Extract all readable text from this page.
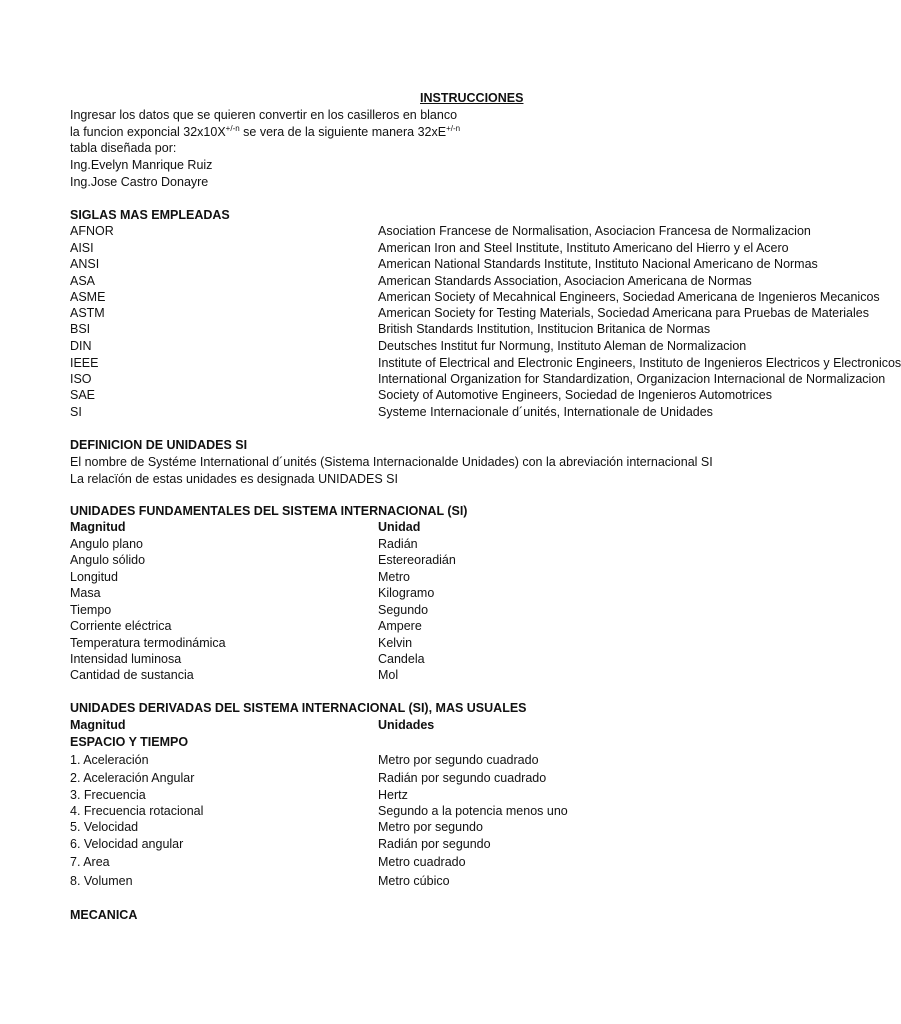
INSTRUCCIONES
Ingresar los datos que se quieren convertir en los casilleros en blanco
la funcion exponcial $32x10X^{+/-n}$ se vera de la siguiente manera $32xE^{+/-n}$
tabla diseñada por:
Ing.Evelyn Manrique Ruiz
Ing.Jose Castro Donayre
SIGLAS MAS EMPLEADAS
AFNOR	Asociation Francese de Normalisation, Asociacion Francesa de Normalizacion
AISI	American Iron and Steel Institute, Instituto Americano del Hierro y el Acero
ANSI	American National Standards Institute, Instituto Nacional Americano de Normas
ASA	American Standards Association, Asociacion Americana de Normas
ASME	American Society of Mecahnical Engineers, Sociedad Americana de Ingenieros Mecanicos
ASTM	American Society for Testing Materials, Sociedad Americana para Pruebas de Materiales
BSI	British Standards Institution, Institucion Britanica de Normas
DIN	Deutsches Institut fur Normung, Instituto Aleman de Normalizacion
IEEE	Institute of Electrical and Electronic Engineers, Instituto de Ingenieros Electricos y Electronicos
ISO	International Organization for Standardization, Organizacion Internacional de Normalizacion
SAE	Society of Automotive Engineers, Sociedad de Ingenieros Automotrices
SI	Systeme Internacionale d´unités, Internationale de Unidades
DEFINICION DE UNIDADES SI
El nombre de Systéme International d´unités (Sistema Internacionalde Unidades) con la abreviación internacional SI
La relacïón de estas unidades es designada UNIDADES SI
UNIDADES FUNDAMENTALES DEL SISTEMA INTERNACIONAL (SI)
Magnitud	Unidad
Angulo plano	Radián
Angulo sólido	Estereoradián
Longitud	Metro
Masa	Kilogramo
Tiempo	Segundo
Corriente eléctrica	Ampere
Temperatura termodinámica	Kelvin
Intensidad luminosa	Candela
Cantidad de sustancia	Mol
UNIDADES DERIVADAS DEL SISTEMA INTERNACIONAL (SI), MAS USUALES
Magnitud	Unidades
ESPACIO Y TIEMPO
1. Aceleración	Metro por segundo cuadrado
2. Aceleración Angular	Radián por segundo cuadrado
3. Frecuencia	Hertz
4. Frecuencia rotacional	Segundo a la potencia menos uno
5. Velocidad	Metro por segundo
6. Velocidad angular	Radián por segundo
7. Area	Metro cuadrado
8. Volumen	Metro cúbico
MECANICA
